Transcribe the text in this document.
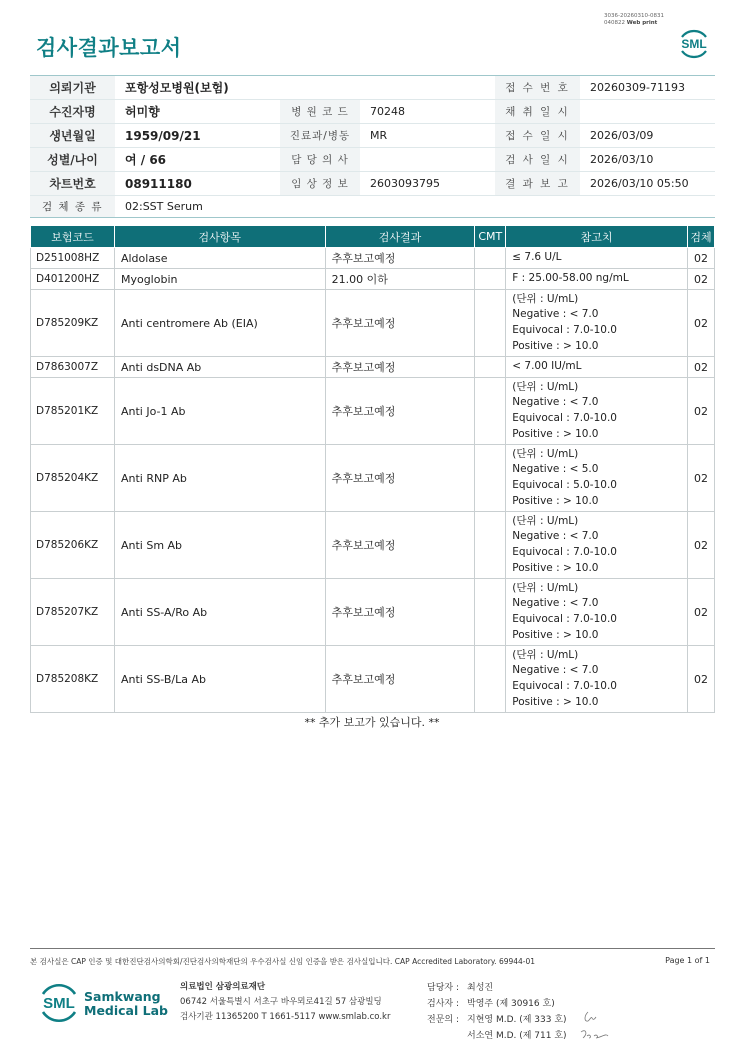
3036-20260310-0831
040822 Web print
검사결과보고서	SML
의뢰기관	포항성모병원(보험)			접 수 번 호	20260309-71193
수진자명	허미향	병 원 코 드	70248	채 취 일 시	
생년월일	1959/09/21	진료과/병동	MR	접 수 일 시	2026/03/09
성별/나이	여 / 66	담 당 의 사		검 사 일 시	2026/03/10
차트번호	08911180	임 상 정 보	2603093795	결 과 보 고	2026/03/10 05:50
검 체 종 류	02:SST Serum				
보험코드	검사항목	검사결과	CMT	참고치	검체
D251008HZ	Aldolase	추후보고예정		≤ 7.6 U/L	02
D401200HZ	Myoglobin	21.00 이하		F : 25.00-58.00 ng/mL	02
D785209KZ	Anti centromere Ab (EIA)	추후보고예정		(단위 : U/mL)
Negative : < 7.0
Equivocal : 7.0-10.0
Positive : > 10.0	02
D7863007Z	Anti dsDNA Ab	추후보고예정		< 7.00 IU/mL	02
D785201KZ	Anti Jo-1 Ab	추후보고예정		(단위 : U/mL)
Negative : < 7.0
Equivocal : 7.0-10.0
Positive : > 10.0	02
D785204KZ	Anti RNP Ab	추후보고예정		(단위 : U/mL)
Negative : < 5.0
Equivocal : 5.0-10.0
Positive : > 10.0	02
D785206KZ	Anti Sm Ab	추후보고예정		(단위 : U/mL)
Negative : < 7.0
Equivocal : 7.0-10.0
Positive : > 10.0	02
D785207KZ	Anti SS-A/Ro Ab	추후보고예정		(단위 : U/mL)
Negative : < 7.0
Equivocal : 7.0-10.0
Positive : > 10.0	02
D785208KZ	Anti SS-B/La Ab	추후보고예정		(단위 : U/mL)
Negative : < 7.0
Equivocal : 7.0-10.0
Positive : > 10.0	02
** 추가 보고가 있습니다. **
본 검사실은 CAP 인증 및 대한진단검사의학회/진단검사의학재단의 우수검사실 신임 인증을 받은 검사실입니다. CAP Accredited Laboratory. 69944-01	Page 1 of 1
SML Samkwang
Medical Lab
의료법인 삼광의료재단
06742 서울특별시 서초구 바우뫼로41길 57 삼광빌딩
검사기관 11365200 T 1661-5117 www.smlab.co.kr
담당자 : 최성진
검사자 : 박영주 (제 30916 호)
전문의 : 지현영 M.D. (제 333 호)
서소연 M.D. (제 711 호)
